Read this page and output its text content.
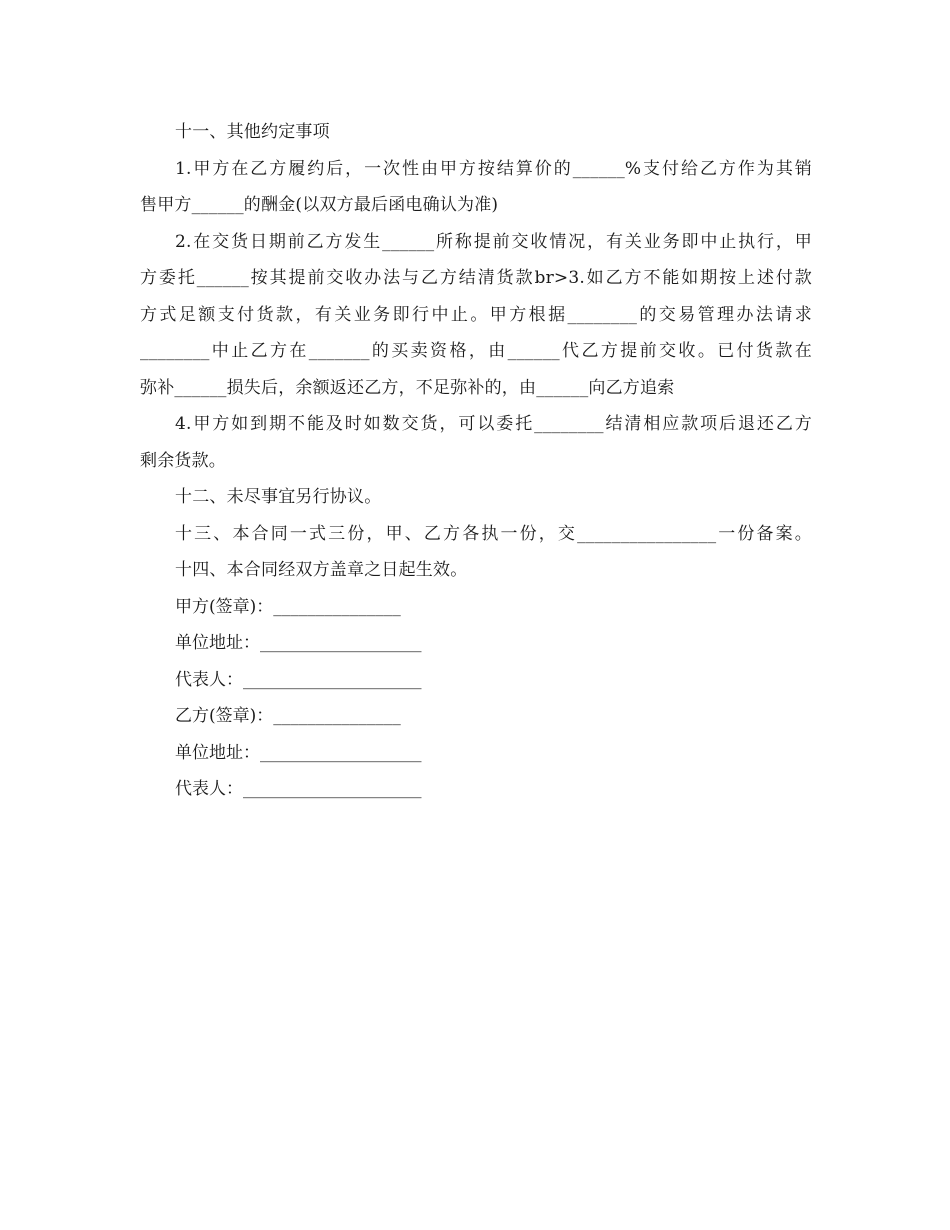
十一、其他约定事项
1.甲方在乙方履约后，一次性由甲方按结算价的______%支付给乙方作为其销
售甲方______的酬金(以双方最后函电确认为准)
2.在交货日期前乙方发生______所称提前交收情况，有关业务即中止执行，甲
方委托______按其提前交收办法与乙方结清货款br>3.如乙方不能如期按上述付款
方式足额支付货款，有关业务即行中止。甲方根据________的交易管理办法请求
________中止乙方在_______的买卖资格，由______代乙方提前交收。已付货款在
弥补______损失后，余额返还乙方，不足弥补的，由______向乙方追索
4.甲方如到期不能及时如数交货，可以委托________结清相应款项后退还乙方
剩余货款。
十二、未尽事宜另行协议。
十三、本合同一式三份，甲、乙方各执一份，交________________一份备案。
十四、本合同经双方盖章之日起生效。
甲方(签章)：_______________
单位地址：___________________
代表人：_____________________
乙方(签章)：_______________
单位地址：___________________
代表人：_____________________
